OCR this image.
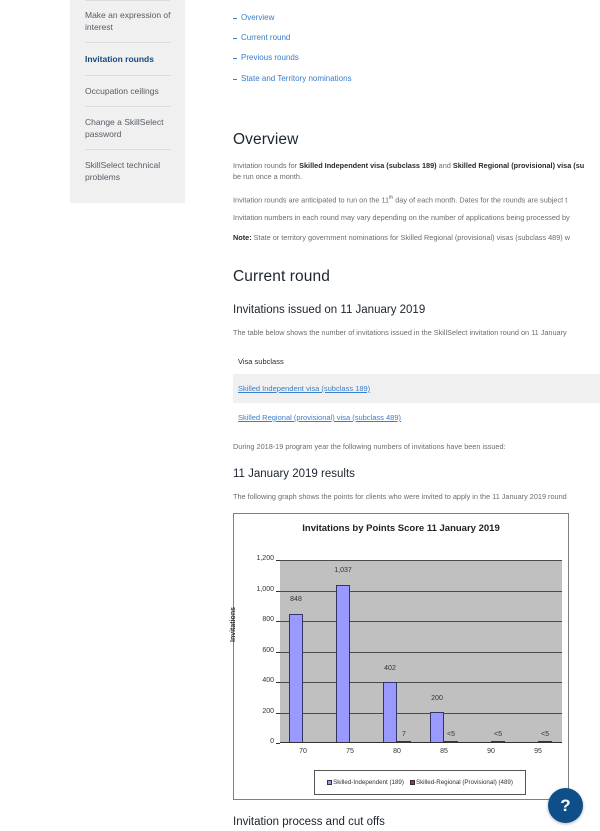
Make an expression of interest
Invitation rounds
Occupation ceilings
Change a SkillSelect password
SkillSelect technical problems
Overview
Current round
Previous rounds
State and Territory nominations
Overview

Invitation rounds for Skilled Independent visa (subclass 189) and Skilled Regional (provisional) visa (su
be run once a month.

Invitation rounds are anticipated to run on the 11th day of each month. Dates for the rounds are subject t

Invitation numbers in each round may vary depending on the number of applications being processed by

Note: State or territory government nominations for Skilled Regional (provisional) visas (subclass 489) w

Current round
Invitations issued on 11 January 2019

The table below shows the number of invitations issued in the SkillSelect invitation round on 11 January

Visa subclass
Skilled Independent visa (subclass 189)
Skilled Regional (provisional) visa (subclass 489)

During 2018-19 program year the following numbers of invitations have been issued:

11 January 2019 results

The following graph shows the points for clients who were invited to apply in the 11 January 2019 round

Invitations by Points Score 11 January 2019
0
200
400
600
800
1,000
1,200
848
1,037
402
7
200
<5	<5	<5
70	75	80	85	90	95
Invitations
Skilled-Independent (189)	Skilled-Regional (Provisional) (489)
Invitation process and cut offs
?
